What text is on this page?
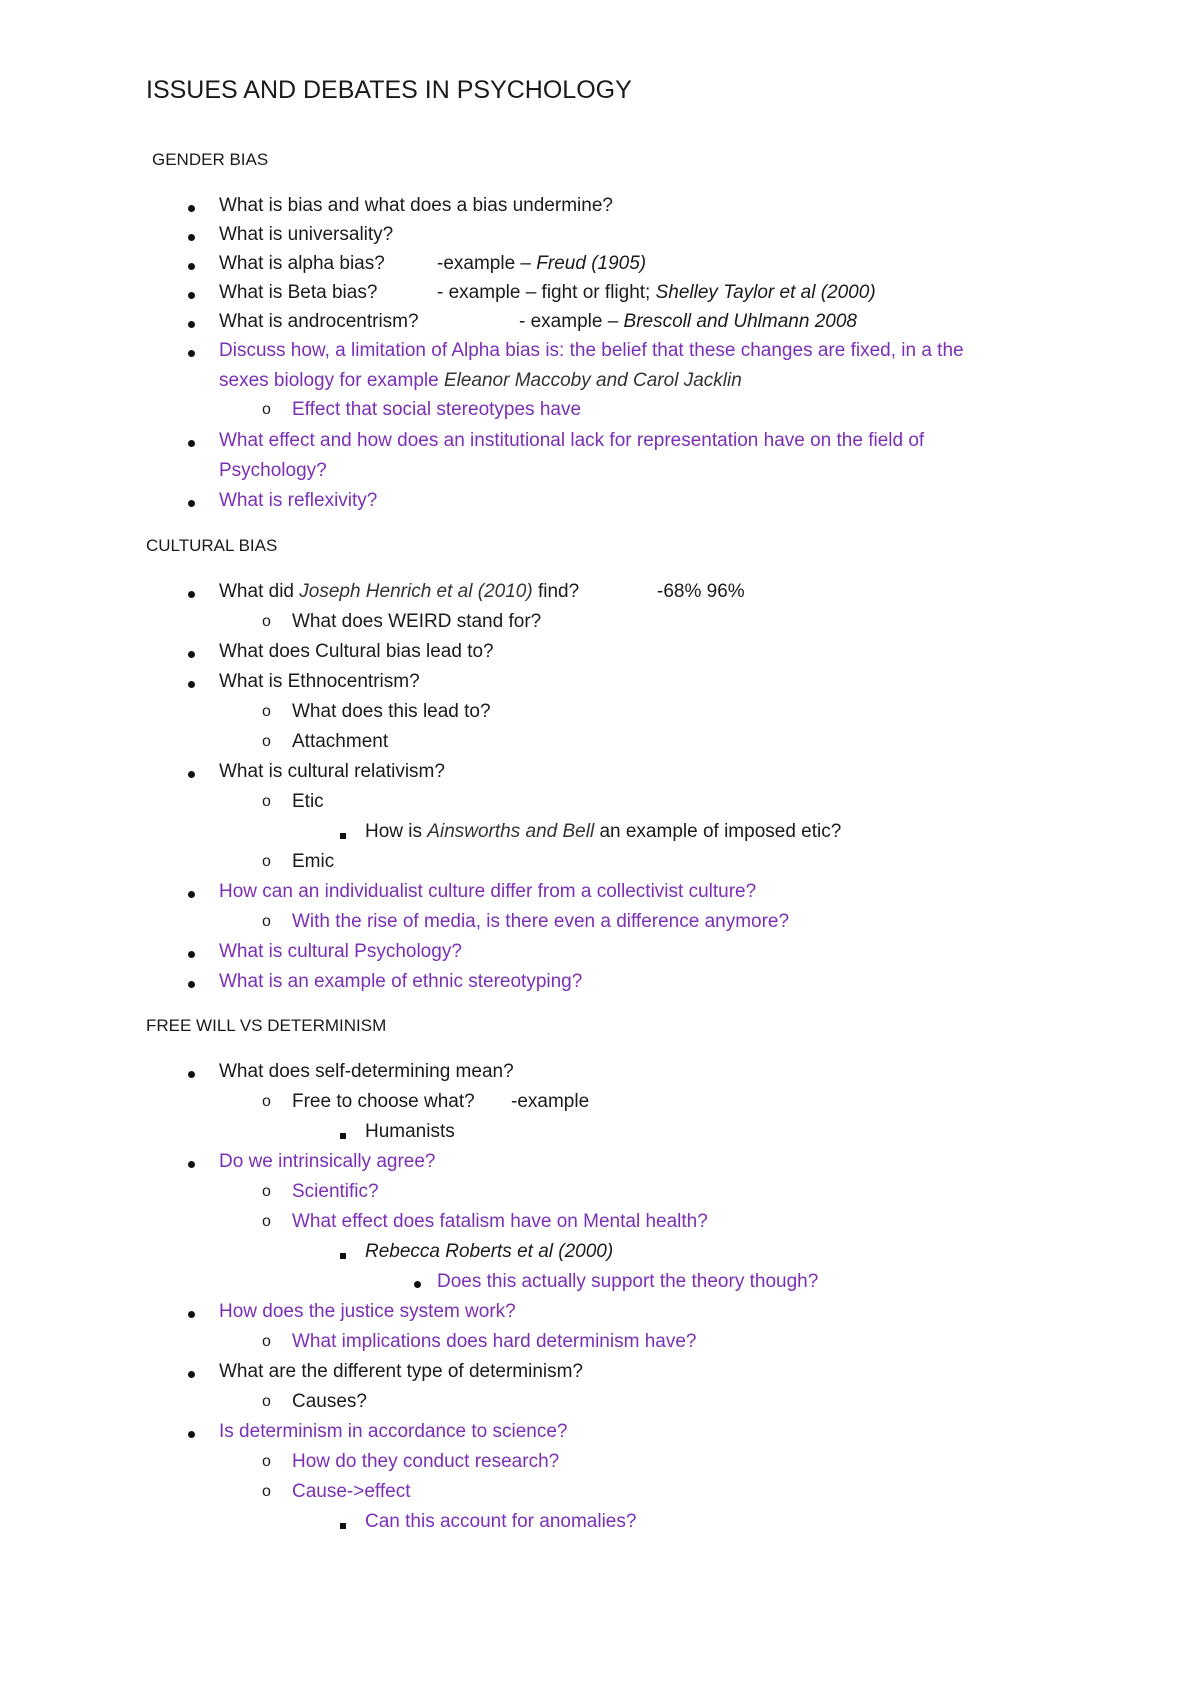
ISSUES AND DEBATES IN PSYCHOLOGY
GENDER BIAS
What is bias and what does a bias undermine?
What is universality?
What is alpha bias?	-example – Freud (1905)
What is Beta bias?	- example – fight or flight; Shelley Taylor et al (2000)
What is androcentrism?	- example – Brescoll and Uhlmann 2008
Discuss how, a limitation of Alpha bias is: the belief that these changes are fixed, in a the
sexes biology for example Eleanor Maccoby and Carol Jacklin
o Effect that social stereotypes have
What effect and how does an institutional lack for representation have on the field of
Psychology?
What is reflexivity?
CULTURAL BIAS
What did Joseph Henrich et al (2010) find?	-68% 96%
o What does WEIRD stand for?
What does Cultural bias lead to?
What is Ethnocentrism?
o What does this lead to?
o Attachment
What is cultural relativism?
o Etic
How is Ainsworths and Bell an example of imposed etic?
o Emic
How can an individualist culture differ from a collectivist culture?
o With the rise of media, is there even a difference anymore?
What is cultural Psychology?
What is an example of ethnic stereotyping?
FREE WILL VS DETERMINISM
What does self-determining mean?
o Free to choose what? -example
Humanists
Do we intrinsically agree?
o Scientific?
o What effect does fatalism have on Mental health?
Rebecca Roberts et al (2000)
Does this actually support the theory though?
How does the justice system work?
o What implications does hard determinism have?
What are the different type of determinism?
o Causes?
Is determinism in accordance to science?
o How do they conduct research?
o Cause->effect
Can this account for anomalies?
